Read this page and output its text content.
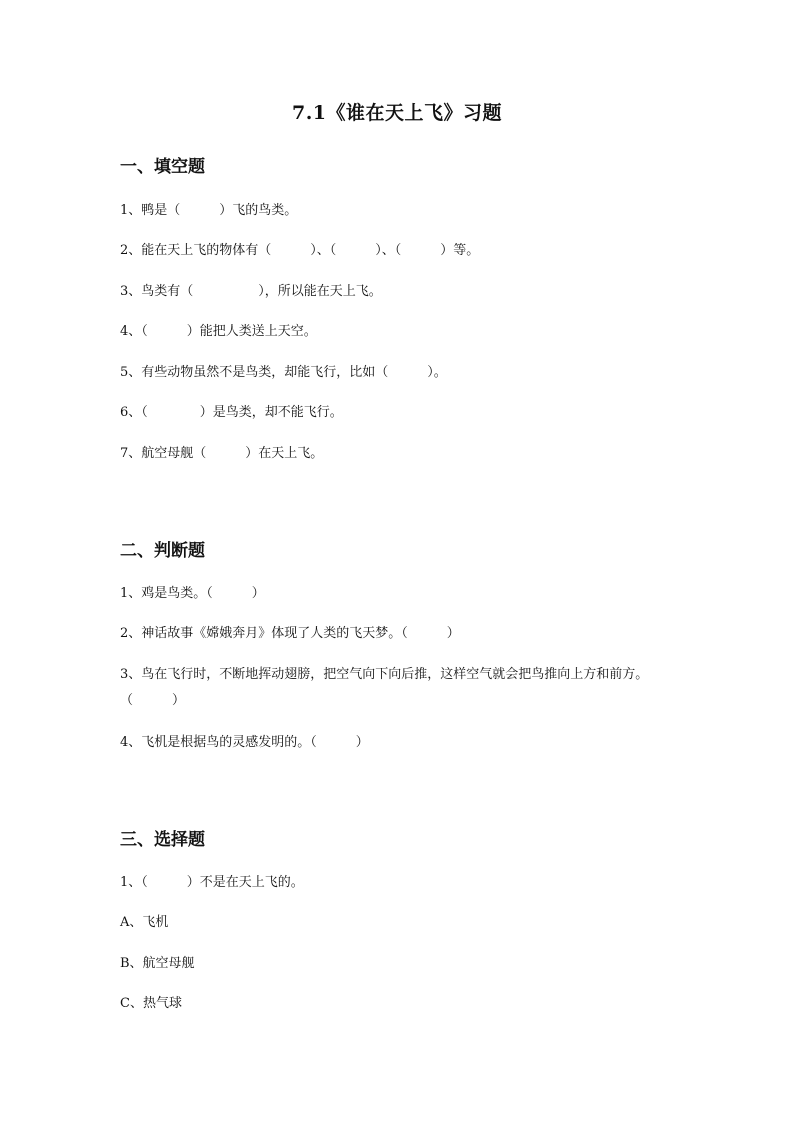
7.1《谁在天上飞》习题
一、填空题
1、鸭是（　　　）飞的鸟类。
2、能在天上飞的物体有（　　　）、（　　　）、（　　　）等。
3、鸟类有（　　　　　），所以能在天上飞。
4、（　　　）能把人类送上天空。
5、有些动物虽然不是鸟类，却能飞行，比如（　　　）。
6、（　　　　）是鸟类，却不能飞行。
7、航空母舰（　　　）在天上飞。
二、判断题
1、鸡是鸟类。（　　　）
2、神话故事《嫦娥奔月》体现了人类的飞天梦。（　　　）
3、鸟在飞行时，不断地挥动翅膀，把空气向下向后推，这样空气就会把鸟推向上方和前方。
（　　　）
4、飞机是根据鸟的灵感发明的。（　　　）
三、选择题
1、（　　　）不是在天上飞的。
A、飞机
B、航空母舰
C、热气球
